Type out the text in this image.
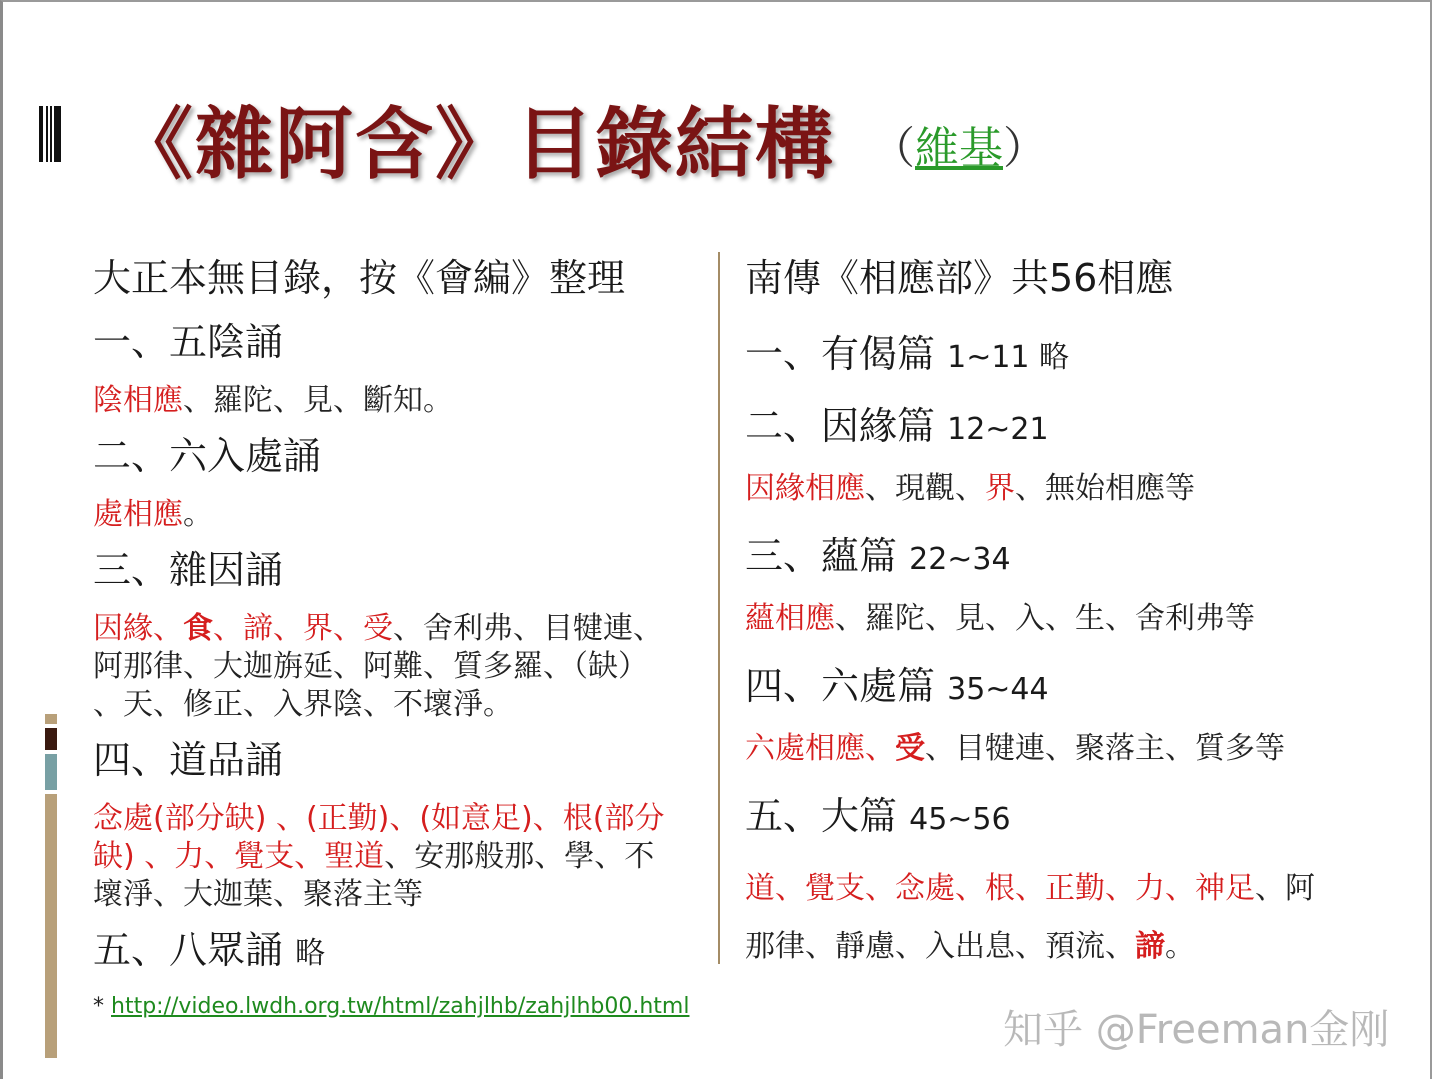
《雜阿含》目錄結構 （維基）
大正本無目錄，按《會編》整理
一、五陰誦
陰相應、羅陀、見、斷知。
二、六入處誦
處相應。
三、雜因誦
因緣、食、諦、界、受、舍利弗、目犍連、
阿那律、大迦旃延、阿難、質多羅、（缺）
、天、修正、入界陰、不壞淨。
四、道品誦
念處(部分缺) 、(正勤)、(如意足)、根(部分
缺) 、力、覺支、聖道、安那般那、學、不
壞淨、大迦葉、聚落主等
五、八眾誦 略
南傳《相應部》共56相應
一、有偈篇 1~11 略
二、因緣篇 12~21
因緣相應、現觀、界、無始相應等
三、蘊篇 22~34
蘊相應、羅陀、見、入、生、舍利弗等
四、六處篇 35~44
六處相應、受、目犍連、聚落主、質多等
五、大篇 45~56
道、覺支、念處、根、正勤、力、神足、阿
那律、靜慮、入出息、預流、諦。
* http://video.lwdh.org.tw/html/zahjlhb/zahjlhb00.html
知乎 @Freeman金刚
